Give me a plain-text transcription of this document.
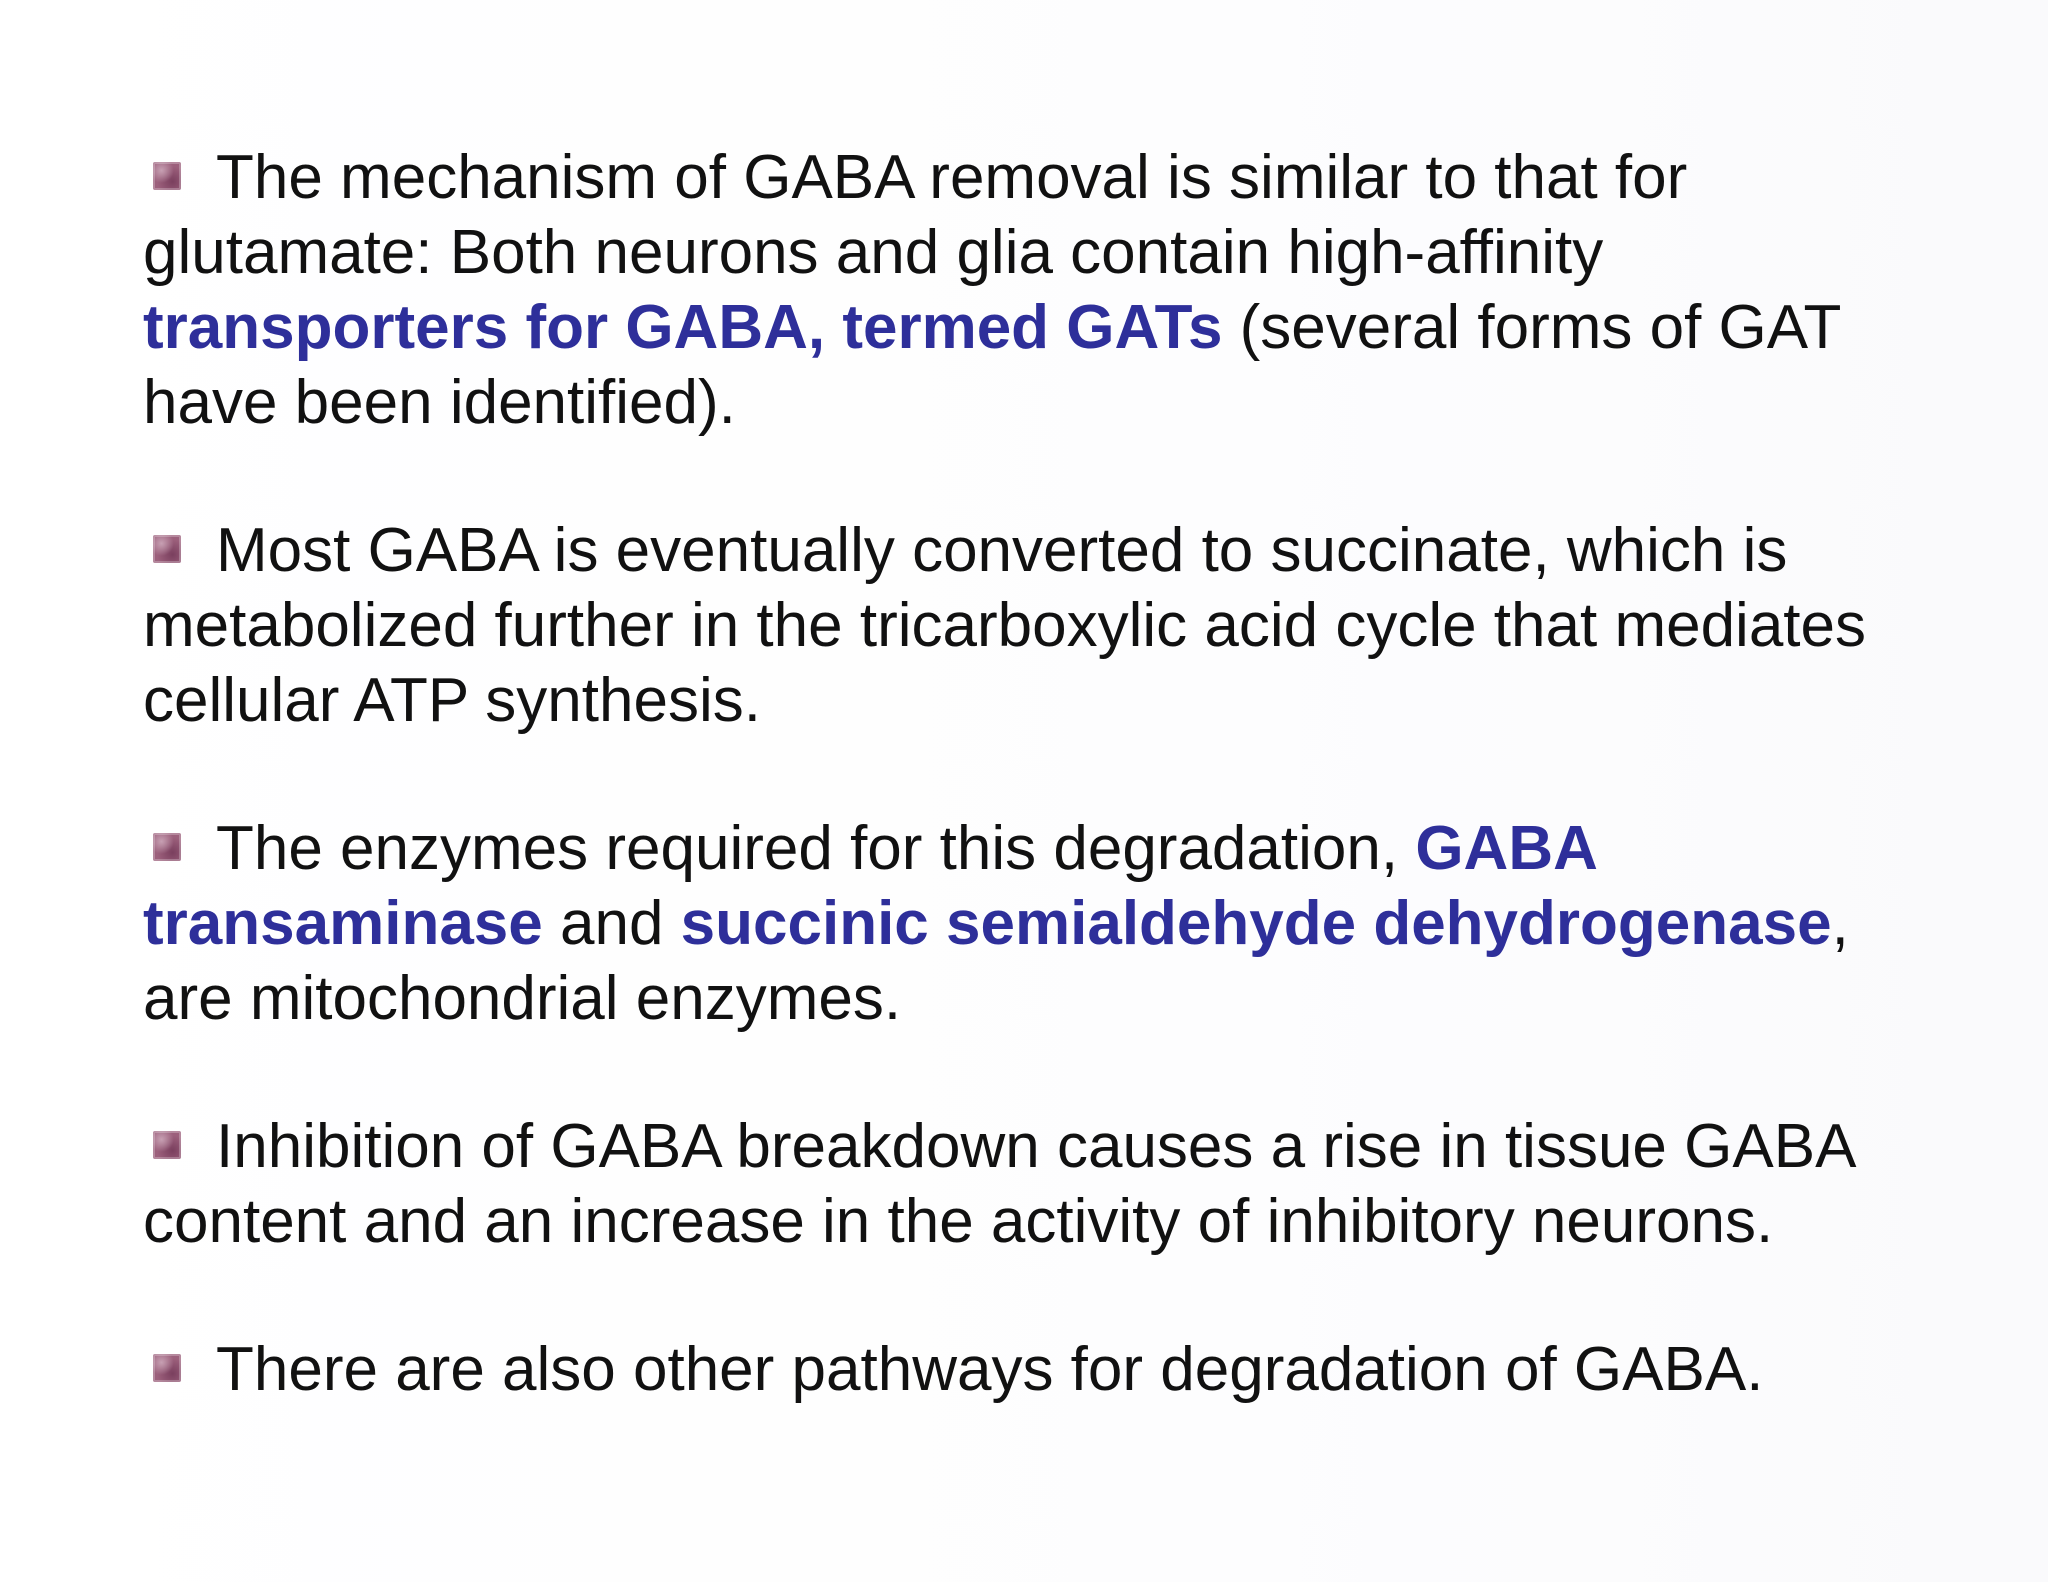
The mechanism of GABA removal is similar to that for glutamate: Both neurons and glia contain high-affinity transporters for GABA, termed GATs (several forms of GAT have been identified).

Most GABA is eventually converted to succinate, which is metabolized further in the tricarboxylic acid cycle that mediates cellular ATP synthesis.

The enzymes required for this degradation, GABA transaminase and succinic semialdehyde dehydrogenase, are mitochondrial enzymes.

Inhibition of GABA breakdown causes a rise in tissue GABA content and an increase in the activity of inhibitory neurons.

There are also other pathways for degradation of GABA.
